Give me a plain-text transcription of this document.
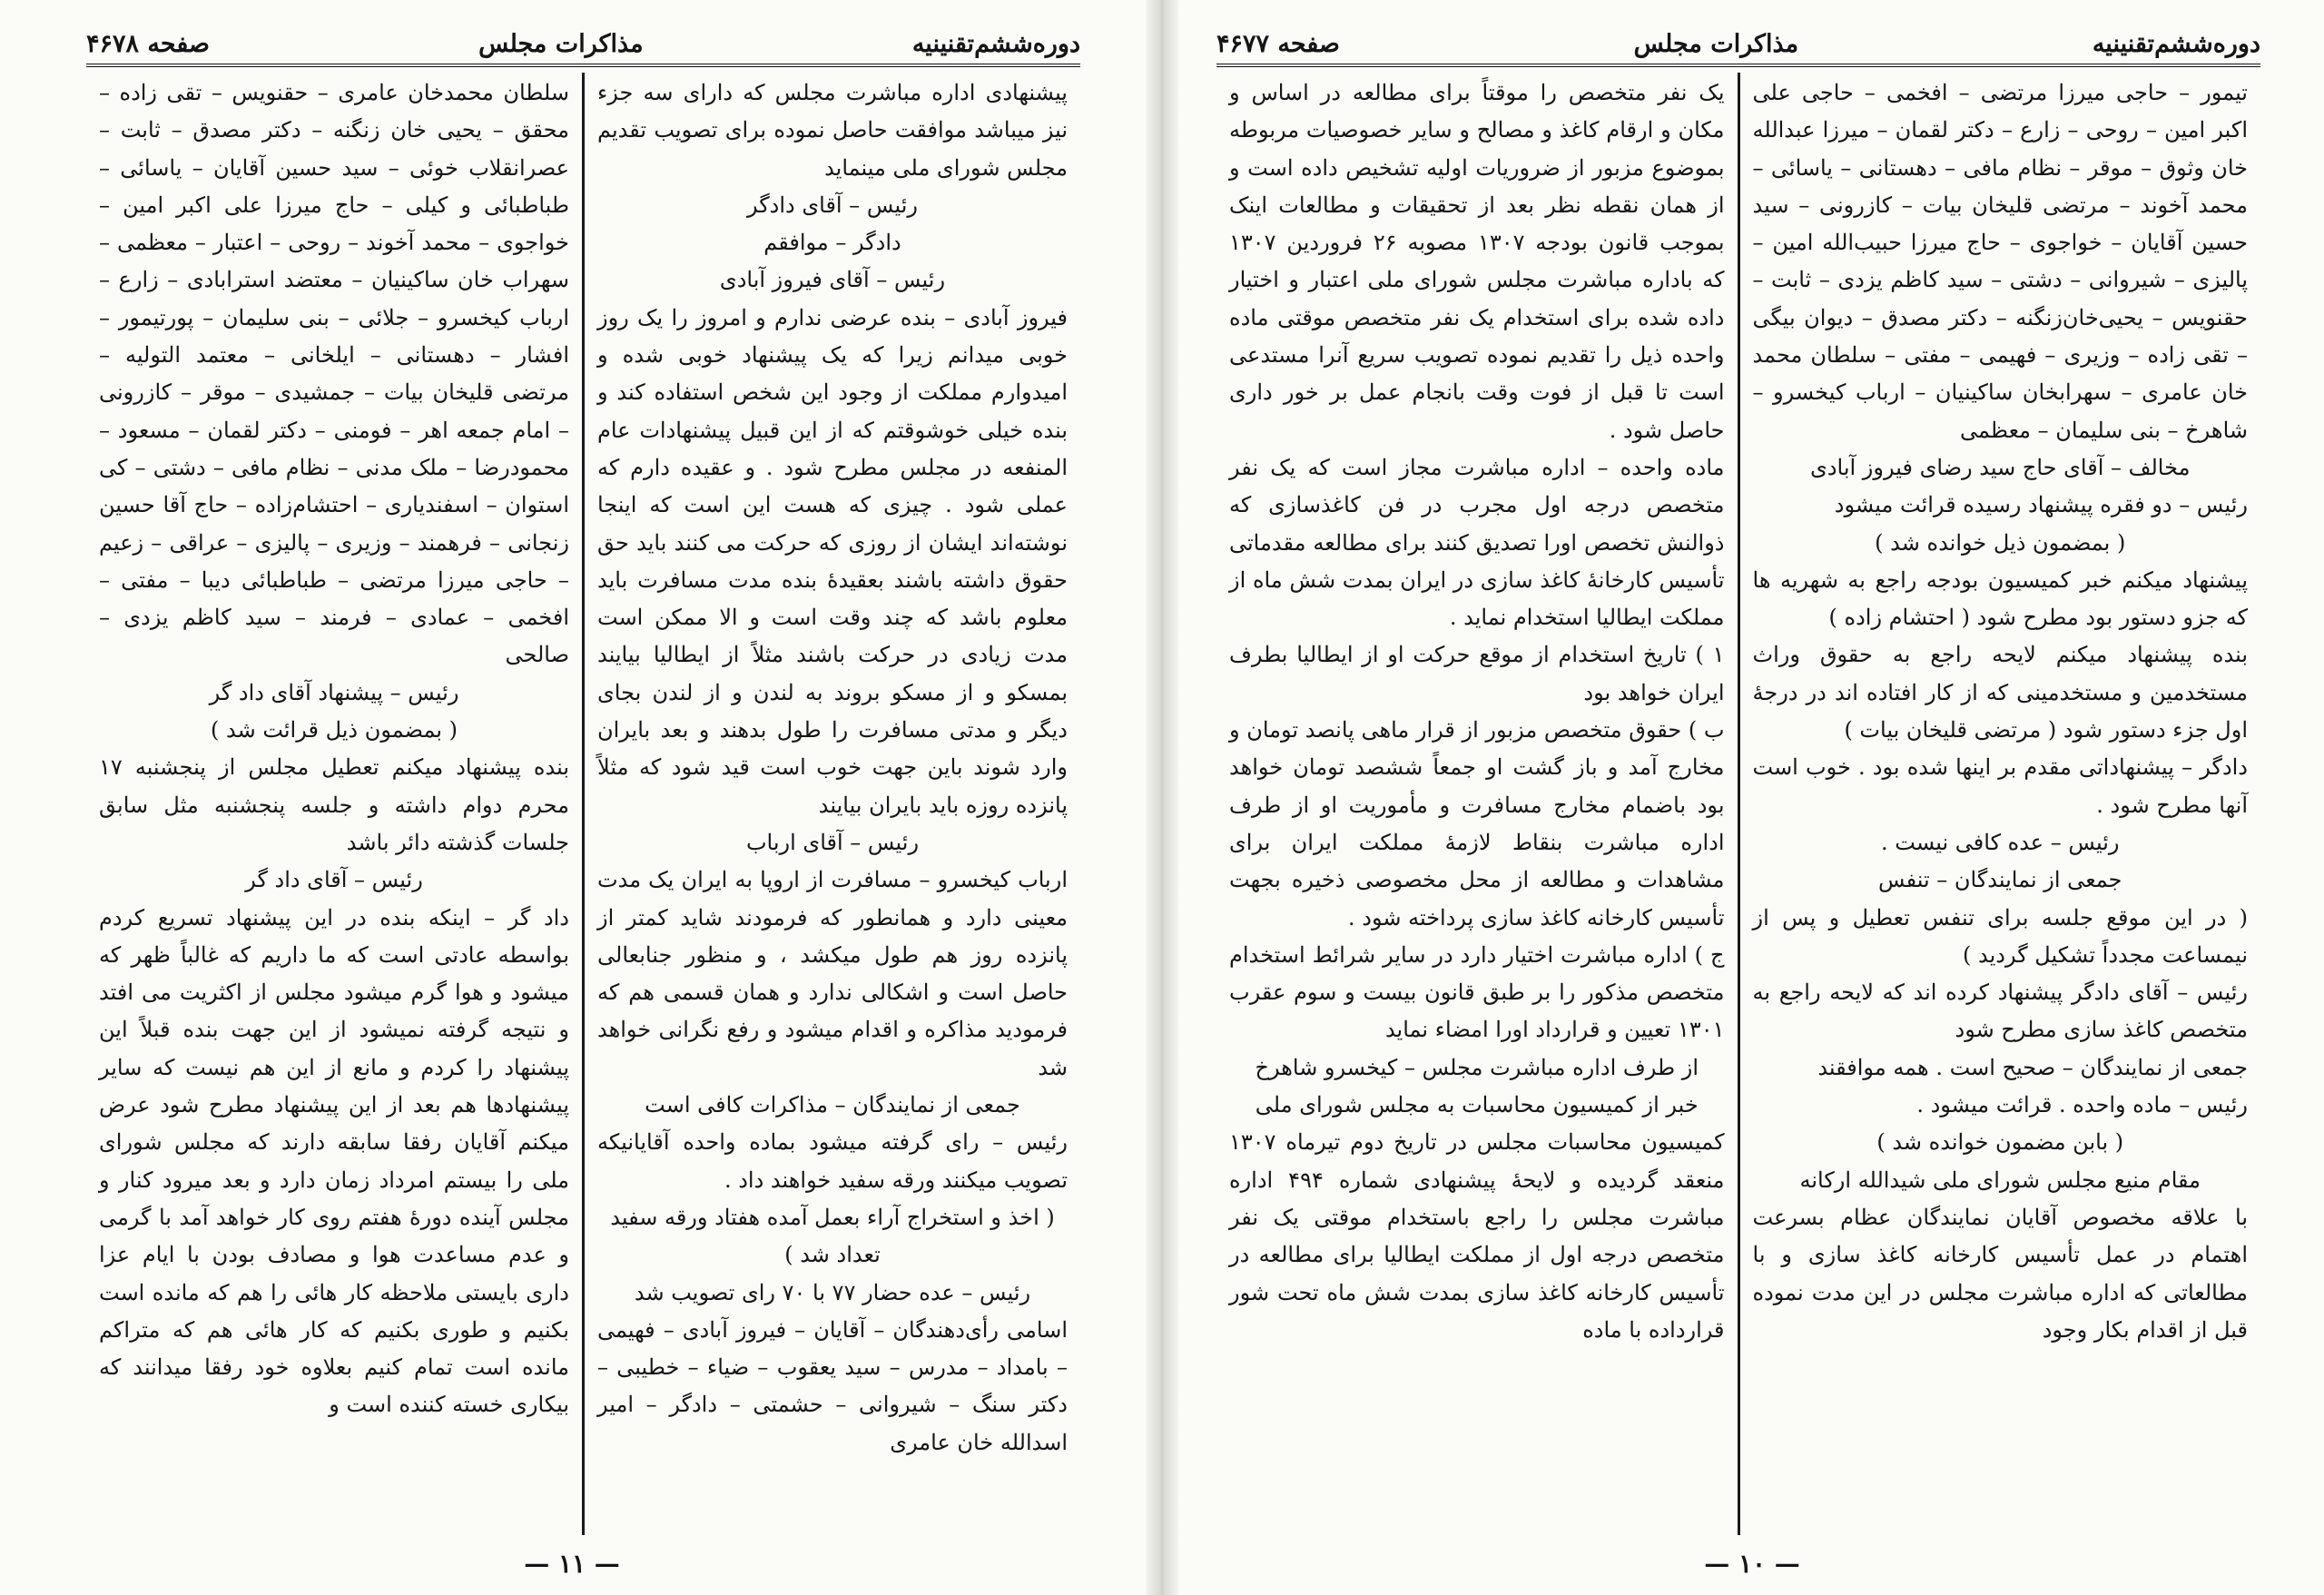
دوره‌ششم‌تقنینیه
مذاکرات مجلس
صفحه ۴۶۷۸

پیشنهادی اداره مباشرت مجلس که دارای سه جزء نیز میباشد موافقت حاصل نموده برای تصویب تقدیم مجلس شورای ملی مینماید

رئیس – آقای دادگر

دادگر – موافقم

رئیس – آقای فیروز آبادی

فیروز آبادی – بنده عرضی ندارم و امروز را یک روز خوبی میدانم زیرا که یک پیشنهاد خوبی شده و امیدوارم مملکت از وجود این شخص استفاده کند و بنده خیلی خوشوقتم که از این قبیل پیشنهادات عام المنفعه در مجلس مطرح شود . و عقیده دارم که عملی شود . چیزی که هست این است که اینجا نوشته‌اند ایشان از روزی که حرکت می کنند باید حق حقوق داشته باشند بعقیدهٔ بنده مدت مسافرت باید معلوم باشد که چند وقت است و الا ممکن است مدت زیادی در حرکت باشند مثلاً از ایطالیا بیایند بمسکو و از مسکو بروند به لندن و از لندن بجای دیگر و مدتی مسافرت را طول بدهند و بعد بایران وارد شوند باین جهت خوب است قید شود که مثلاً پانزده روزه باید بایران بیایند

رئیس – آقای ارباب

ارباب کیخسرو – مسافرت از اروپا به ایران یک مدت معینی دارد و همانطور که فرمودند شاید کمتر از پانزده روز هم طول میکشد ، و منظور جنابعالی حاصل است و اشکالی ندارد و همان قسمی هم که فرمودید مذاکره و اقدام میشود و رفع نگرانی خواهد شد

جمعی از نمایندگان – مذاکرات کافی است

رئیس – رای گرفته میشود بماده واحده آقایانیکه تصویب میکنند ورقه سفید خواهند داد .

( اخذ و استخراج آراء بعمل آمده هفتاد ورقه سفید تعداد شد )

رئیس – عده حضار ۷۷ با ۷۰ رای تصویب شد

اسامی رأی‌دهندگان – آقایان – فیروز آبادی – فهیمی – بامداد – مدرس – سید یعقوب – ضیاء – خطیبی – دکتر سنگ – شیروانی – حشمتی – دادگر – امیر اسدالله خان عامری

سلطان محمدخان عامری – حقنویس – تقی زاده – محقق – یحیی خان زنگنه – دکتر مصدق – ثابت – عصرانقلاب خوئی – سید حسین آقایان – یاسائی – طباطبائی و کیلی – حاج میرزا علی اکبر امین – خواجوی – محمد آخوند – روحی – اعتبار – معظمی – سهراب خان ساکینیان – معتضد استرابادی – زارع – ارباب کیخسرو – جلائی – بنی سلیمان – پورتیمور – افشار – دهستانی – ایلخانی – معتمد التولیه – مرتضی قلیخان بیات – جمشیدی – موقر – کازرونی – امام جمعه اهر – فومنی – دکتر لقمان – مسعود – محمود‌رضا – ملک مدنی – نظام مافی – دشتی – کی استوان – اسفندیاری – احتشام‌زاده – حاج آقا حسین زنجانی – فرهمند – وزیری – پالیزی – عراقی – زعیم – حاجی میرزا مرتضی – طباطبائی دیبا – مفتی – افخمی – عمادی – فرمند – سید کاظم یزدی – صالحی

رئیس – پیشنهاد آقای داد گر

( بمضمون ذیل قرائت شد )

بنده پیشنهاد میکنم تعطیل مجلس از پنجشنبه ۱۷ محرم دوام داشته و جلسه پنجشنبه مثل سابق جلسات گذشته دائر باشد

رئیس – آقای داد گر

داد گر – اینکه بنده در این پیشنهاد تسریع کردم بواسطه عادتی است که ما داریم که غالباً ظهر که میشود و هوا گرم میشود مجلس از اکثریت می افتد و نتیجه گرفته نمیشود از این جهت بنده قبلاً این پیشنهاد را کردم و مانع از این هم نیست که سایر پیشنهادها هم بعد از این پیشنهاد مطرح شود عرض میکنم آقایان رفقا سابقه دارند که مجلس شورای ملی را بیستم امرداد زمان دارد و بعد میرود کنار و مجلس آینده دورهٔ هفتم روی کار خواهد آمد با گرمی و عدم مساعدت هوا و مصادف بودن با ایام عزا داری بایستی ملاحظه کار هائی را هم که مانده است بکنیم و طوری بکنیم که کار هائی هم که متراکم مانده است تمام کنیم بعلاوه خود رفقا میدانند که بیکاری خسته کننده است و

— ۱۱ —
دوره‌ششم‌تقنینیه
مذاکرات مجلس
صفحه ۴۶۷۷

تیمور – حاجی میرزا مرتضی – افخمی – حاجی علی اکبر امین – روحی – زارع – دکتر لقمان – میرزا عبدالله خان وثوق – موقر – نظام مافی – دهستانی – یاسائی – محمد آخوند – مرتضی قلیخان بیات – کازرونی – سید حسین آقایان – خواجوی – حاج میرزا حبیب‌الله امین – پالیزی – شیروانی – دشتی – سید کاظم یزدی – ثابت – حقنویس – یحیی‌خان‌زنگنه – دکتر مصدق – دیوان بیگی – تقی زاده – وزیری – فهیمی – مفتی – سلطان محمد خان عامری – سهرابخان ساکینیان – ارباب کیخسرو – شاهرخ – بنی سلیمان – معظمی

مخالف – آقای حاج سید رضای فیروز آبادی

رئیس – دو فقره پیشنهاد رسیده قرائت میشود

( بمضمون ذیل خوانده شد )

پیشنهاد میکنم خبر کمیسیون بودجه راجع به شهریه ها که جزو دستور بود مطرح شود ( احتشام زاده )

بنده پیشنهاد میکنم لایحه راجع به حقوق وراث مستخدمین و مستخدمینی که از کار افتاده اند در درجهٔ اول جزء دستور شود ( مرتضی قلیخان بیات )

دادگر – پیشنهاداتی مقدم بر اینها شده بود . خوب است آنها مطرح شود .

رئیس – عده کافی نیست .

جمعی از نمایندگان – تنفس

( در این موقع جلسه برای تنفس تعطیل و پس از نیمساعت مجدداً تشکیل گردید )

رئیس – آقای دادگر پیشنهاد کرده اند که لایحه راجع به متخصص کاغذ سازی مطرح شود

جمعی از نمایندگان – صحیح است . همه موافقند

رئیس – ماده واحده . قرائت میشود .

( بابن مضمون خوانده شد )

مقام منیع مجلس شورای ملی شیدالله ارکانه

با علاقه مخصوص آقایان نمایندگان عظام بسرعت اهتمام در عمل تأسیس کارخانه کاغذ سازی و با مطالعاتی که اداره مباشرت مجلس در این مدت نموده قبل از اقدام بکار وجود

یک نفر متخصص را موقتاً برای مطالعه در اساس و مکان و ارقام کاغذ و مصالح و سایر خصوصیات مربوطه بموضوع مزبور از ضروریات اولیه تشخیص داده است و از همان نقطه نظر بعد از تحقیقات و مطالعات اینک بموجب قانون بودجه ۱۳۰۷ مصوبه ۲۶ فروردین ۱۳۰۷ که باداره مباشرت مجلس شورای ملی اعتبار و اختیار داده شده برای استخدام یک نفر متخصص موقتی ماده واحده ذیل را تقدیم نموده تصویب سریع آنرا مستدعی است تا قبل از فوت وقت بانجام عمل بر خور داری حاصل شود .

ماده واحده – اداره مباشرت مجاز است که یک نفر متخصص درجه اول مجرب در فن کاغذسازی که ذوالنش تخصص اورا تصدیق کنند برای مطالعه مقدماتی تأسیس کارخانهٔ کاغذ سازی در ایران بمدت شش ماه از مملکت ایطالیا استخدام نماید .

۱ ) تاریخ استخدام از موقع حرکت او از ایطالیا بطرف ایران خواهد بود

ب ) حقوق متخصص مزبور از قرار ماهی پانصد تومان و مخارج آمد و باز گشت او جمعاً ششصد تومان خواهد بود باضمام مخارج مسافرت و مأموریت او از طرف اداره مباشرت بنقاط لازمهٔ مملکت ایران برای مشاهدات و مطالعه از محل مخصوصی ذخیره بجهت تأسیس کارخانه کاغذ سازی پرداخته شود .

ج ) اداره مباشرت اختیار دارد در سایر شرائط استخدام متخصص مذکور را بر طبق قانون بیست و سوم عقرب ۱۳۰۱ تعیین و قرارداد اورا امضاء نماید

از طرف اداره مباشرت مجلس – کیخسرو شاهرخ

خبر از کمیسیون محاسبات به مجلس شورای ملی

کمیسیون محاسبات مجلس در تاریخ دوم تیرماه ۱۳۰۷ منعقد گردیده و لایحهٔ پیشنهادی شماره ۴۹۴ اداره مباشرت مجلس را راجع باستخدام موقتی یک نفر متخصص درجه اول از مملکت ایطالیا برای مطالعه در تأسیس کارخانه کاغذ سازی بمدت شش ماه تحت شور قرارداده با ماده

— ۱۰ —
